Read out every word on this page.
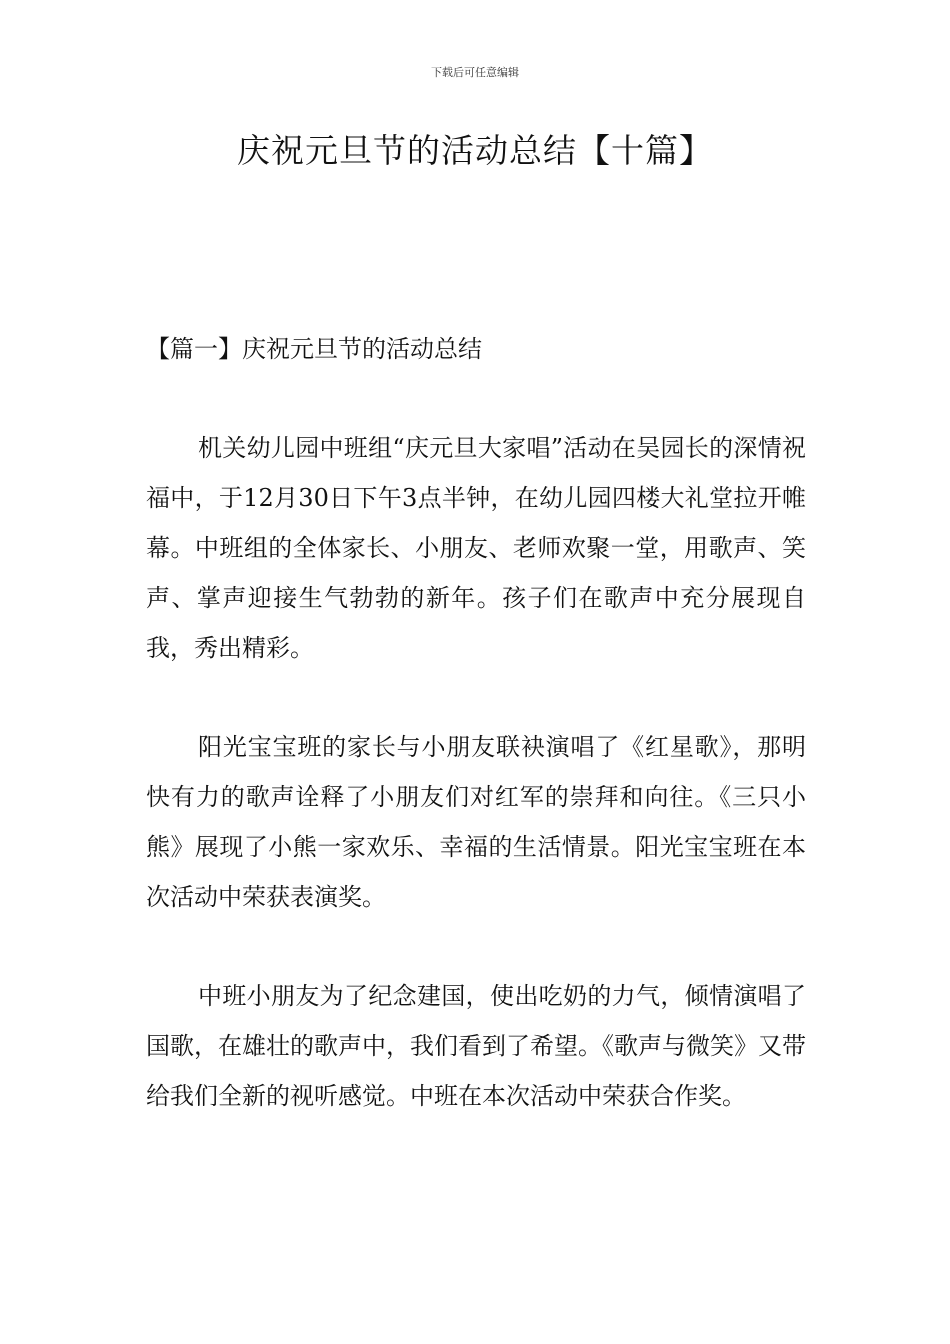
下载后可任意编辑
庆祝元旦节的活动总结【十篇】
【篇一】庆祝元旦节的活动总结

机关幼儿园中班组“庆元旦大家唱”活动在吴园长的深情祝福中，于12月30日下午3点半钟，在幼儿园四楼大礼堂拉开帷幕。中班组的全体家长、小朋友、老师欢聚一堂，用歌声、笑声、掌声迎接生气勃勃的新年。孩子们在歌声中充分展现自我，秀出精彩。

阳光宝宝班的家长与小朋友联袂演唱了《红星歌》，那明快有力的歌声诠释了小朋友们对红军的崇拜和向往。《三只小熊》展现了小熊一家欢乐、幸福的生活情景。阳光宝宝班在本次活动中荣获表演奖。

中班小朋友为了纪念建国，使出吃奶的力气，倾情演唱了国歌，在雄壮的歌声中，我们看到了希望。《歌声与微笑》又带给我们全新的视听感觉。中班在本次活动中荣获合作奖。
